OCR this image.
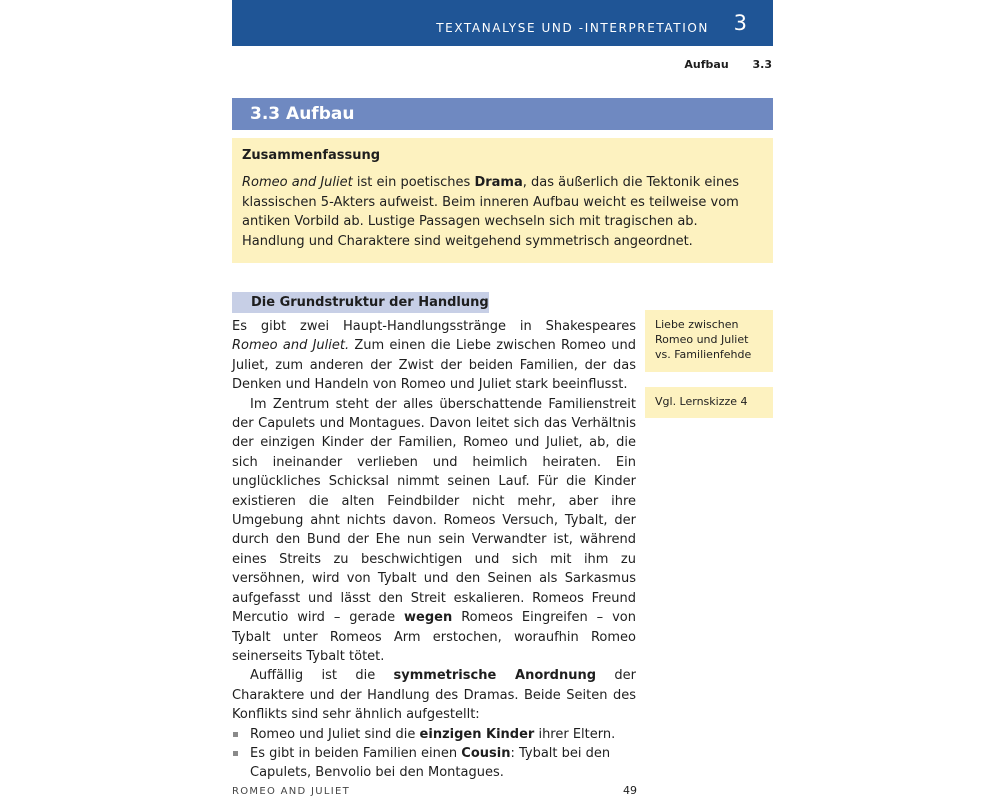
TEXTANALYSE UND -INTERPRETATION 3
Aufbau 3.3
3.3 Aufbau
Zusammenfassung
Romeo and Juliet ist ein poetisches Drama, das äußerlich die Tektonik eines klassischen 5-Akters aufweist. Beim inneren Aufbau weicht es teilweise vom antiken Vorbild ab. Lustige Passagen wechseln sich mit tragischen ab. Handlung und Charaktere sind weitgehend symmetrisch angeordnet.
Die Grundstruktur der Handlung

Es gibt zwei Haupt-Handlungsstränge in Shakespeares Romeo and Juliet. Zum einen die Liebe zwischen Romeo und Juliet, zum anderen der Zwist der beiden Familien, der das Denken und Handeln von Romeo und Juliet stark beeinflusst.

Im Zentrum steht der alles überschattende Familienstreit der Capulets und Montagues. Davon leitet sich das Verhältnis der einzigen Kinder der Familien, Romeo und Juliet, ab, die sich ineinander verlieben und heimlich heiraten. Ein unglückliches Schicksal nimmt seinen Lauf. Für die Kinder existieren die alten Feindbilder nicht mehr, aber ihre Umgebung ahnt nichts davon. Romeos Versuch, Tybalt, der durch den Bund der Ehe nun sein Verwandter ist, während eines Streits zu beschwichtigen und sich mit ihm zu versöhnen, wird von Tybalt und den Seinen als Sarkasmus aufgefasst und lässt den Streit eskalieren. Romeos Freund Mercutio wird – gerade wegen Romeos Eingreifen – von Tybalt unter Romeos Arm erstochen, woraufhin Romeo seinerseits Tybalt tötet.

Auffällig ist die symmetrische Anordnung der Charaktere und der Handlung des Dramas. Beide Seiten des Konflikts sind sehr ähnlich aufgestellt:

Romeo und Juliet sind die einzigen Kinder ihrer Eltern.
Es gibt in beiden Familien einen Cousin: Tybalt bei den Capulets, Benvolio bei den Montagues.
Liebe zwischen Romeo und Juliet vs. Familienfehde
Vgl. Lernskizze 4
ROMEO AND JULIET	49
